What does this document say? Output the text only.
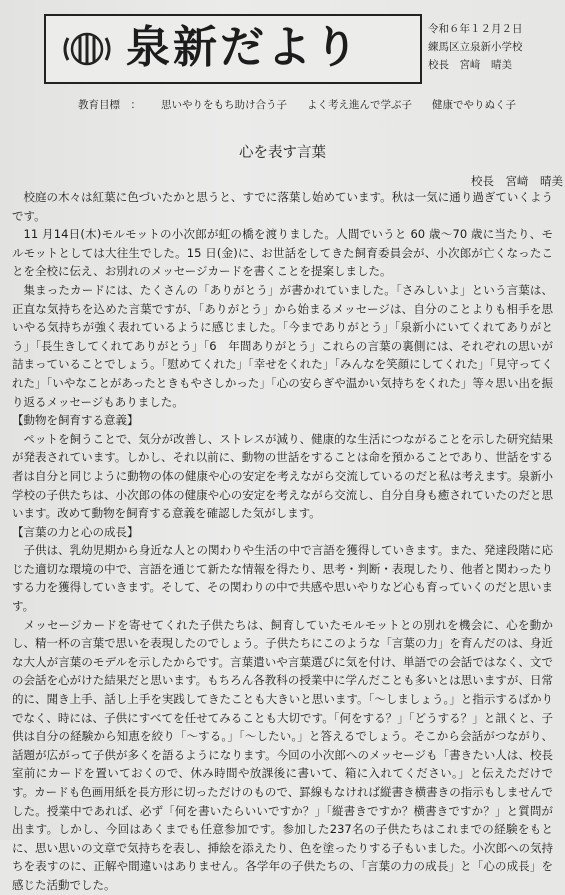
泉新だより	令和６年１２月２日
練馬区立泉新小学校
校長　宮﨑　晴美
教育目標　： 思いやりをもち助け合う子 よく考え進んで学ぶ子 健康でやりぬく子
心を表す言葉
校長　宮﨑　晴美

校庭の木々は紅葉に色づいたかと思うと、すでに落葉し始めています。秋は一気に通り過ぎていくようです。

11 月14日(木)モルモットの小次郎が虹の橋を渡りました。人間でいうと 60 歳～70 歳に当たり、モルモットとしては大往生でした。15 日(金)に、お世話をしてきた飼育委員会が、小次郎が亡くなったことを全校に伝え、お別れのメッセージカードを書くことを提案しました。

集まったカードには、たくさんの「ありがとう」が書かれていました。「さみしいよ」という言葉は、正直な気持ちを込めた言葉ですが、「ありがとう」から始まるメッセージは、自分のことよりも相手を思いやる気持ちが強く表れているように感じました。「今までありがとう」「泉新小にいてくれてありがとう」「長生きしてくれてありがとう」「6　年間ありがとう」これらの言葉の裏側には、それぞれの思いが詰まっていることでしょう。「慰めてくれた」「幸せをくれた」「みんなを笑顔にしてくれた」「見守ってくれた」「いやなことがあったときもやさしかった」「心の安らぎや温かい気持ちをくれた」等々思い出を振り返るメッセージもありました。

【動物を飼育する意義】

ペットを飼うことで、気分が改善し、ストレスが減り、健康的な生活につながることを示した研究結果が発表されています。しかし、それ以前に、動物の世話をすることは命を預かることであり、世話をする者は自分と同じように動物の体の健康や心の安定を考えながら交流しているのだと私は考えます。泉新小学校の子供たちは、小次郎の体の健康や心の安定を考えながら交流し、自分自身も癒されていたのだと思います。改めて動物を飼育する意義を確認した気がします。

【言葉の力と心の成長】

子供は、乳幼児期から身近な人との関わりや生活の中で言語を獲得していきます。また、発達段階に応じた適切な環境の中で、言語を通じて新たな情報を得たり、思考・判断・表現したり、他者と関わったりする力を獲得していきます。そして、その関わりの中で共感や思いやりなど心も育っていくのだと思います。

メッセージカードを寄せてくれた子供たちは、飼育していたモルモットとの別れを機会に、心を動かし、精一杯の言葉で思いを表現したのでしょう。子供たちにこのような「言葉の力」を育んだのは、身近な大人が言葉のモデルを示したからです。言葉遣いや言葉選びに気を付け、単語での会話ではなく、文での会話を心がけた結果だと思います。もちろん各教科の授業中に学んだことも多いとは思いますが、日常的に、聞き上手、話し上手を実践してきたことも大きいと思います。「～しましょう。」と指示するばかりでなく、時には、子供にすべてを任せてみることも大切です。「何をする？」「どうする？」と訊くと、子供は自分の経験から知恵を絞り「～する。」「～したい。」と答えるでしょう。そこから会話がつながり、話題が広がって子供が多くを語るようになります。今回の小次郎へのメッセージも「書きたい人は、校長室前にカードを置いておくので、休み時間や放課後に書いて、箱に入れてください。」と伝えただけです。カードも色画用紙を長方形に切っただけのもので、罫線もなければ縦書き横書きの指示もしませんでした。授業中であれば、必ず「何を書いたらいいですか？」「縦書きですか？横書きですか？」と質問が出ます。しかし、今回はあくまでも任意参加です。参加した237名の子供たちはこれまでの経験をもとに、思い思いの文章で気持ちを表し、挿絵を添えたり、色を塗ったりする子もいました。小次郎への気持ちを表すのに、正解や間違いはありません。各学年の子供たちの、「言葉の力の成長」と「心の成長」を感じた活動でした。
